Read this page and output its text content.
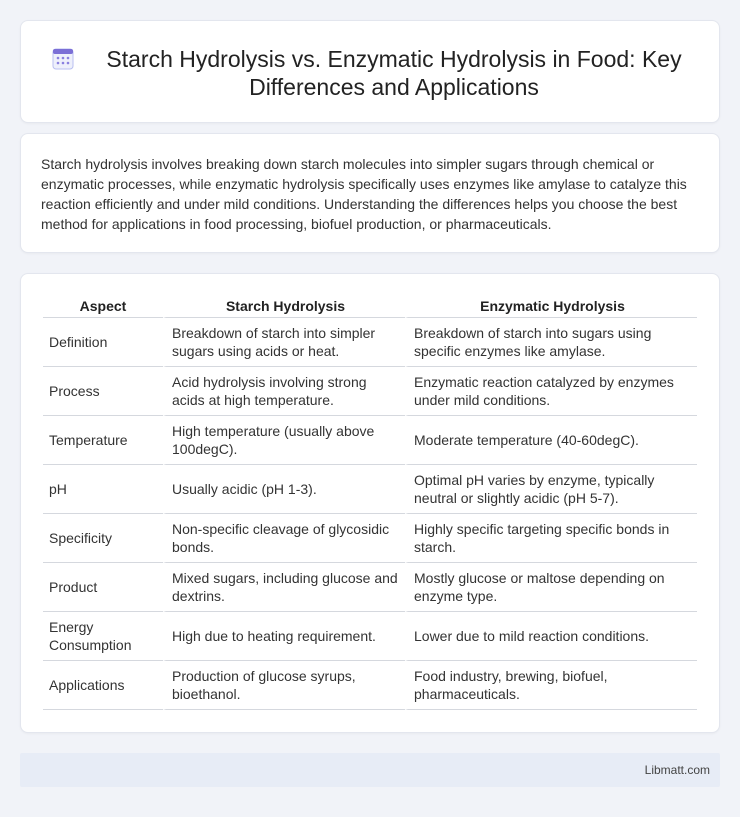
Starch Hydrolysis vs. Enzymatic Hydrolysis in Food: Key Differences and Applications

Starch hydrolysis involves breaking down starch molecules into simpler sugars through chemical or enzymatic processes, while enzymatic hydrolysis specifically uses enzymes like amylase to catalyze this reaction efficiently and under mild conditions. Understanding the differences helps you choose the best method for applications in food processing, biofuel production, or pharmaceuticals.

Aspect	Starch Hydrolysis	Enzymatic Hydrolysis
Definition	Breakdown of starch into simpler sugars using acids or heat.	Breakdown of starch into sugars using specific enzymes like amylase.
Process	Acid hydrolysis involving strong acids at high temperature.	Enzymatic reaction catalyzed by enzymes under mild conditions.
Temperature	High temperature (usually above 100degC).	Moderate temperature (40-60degC).
pH	Usually acidic (pH 1-3).	Optimal pH varies by enzyme, typically neutral or slightly acidic (pH 5-7).
Specificity	Non-specific cleavage of glycosidic bonds.	Highly specific targeting specific bonds in starch.
Product	Mixed sugars, including glucose and dextrins.	Mostly glucose or maltose depending on enzyme type.
Energy Consumption	High due to heating requirement.	Lower due to mild reaction conditions.
Applications	Production of glucose syrups, bioethanol.	Food industry, brewing, biofuel, pharmaceuticals.
Libmatt.com
